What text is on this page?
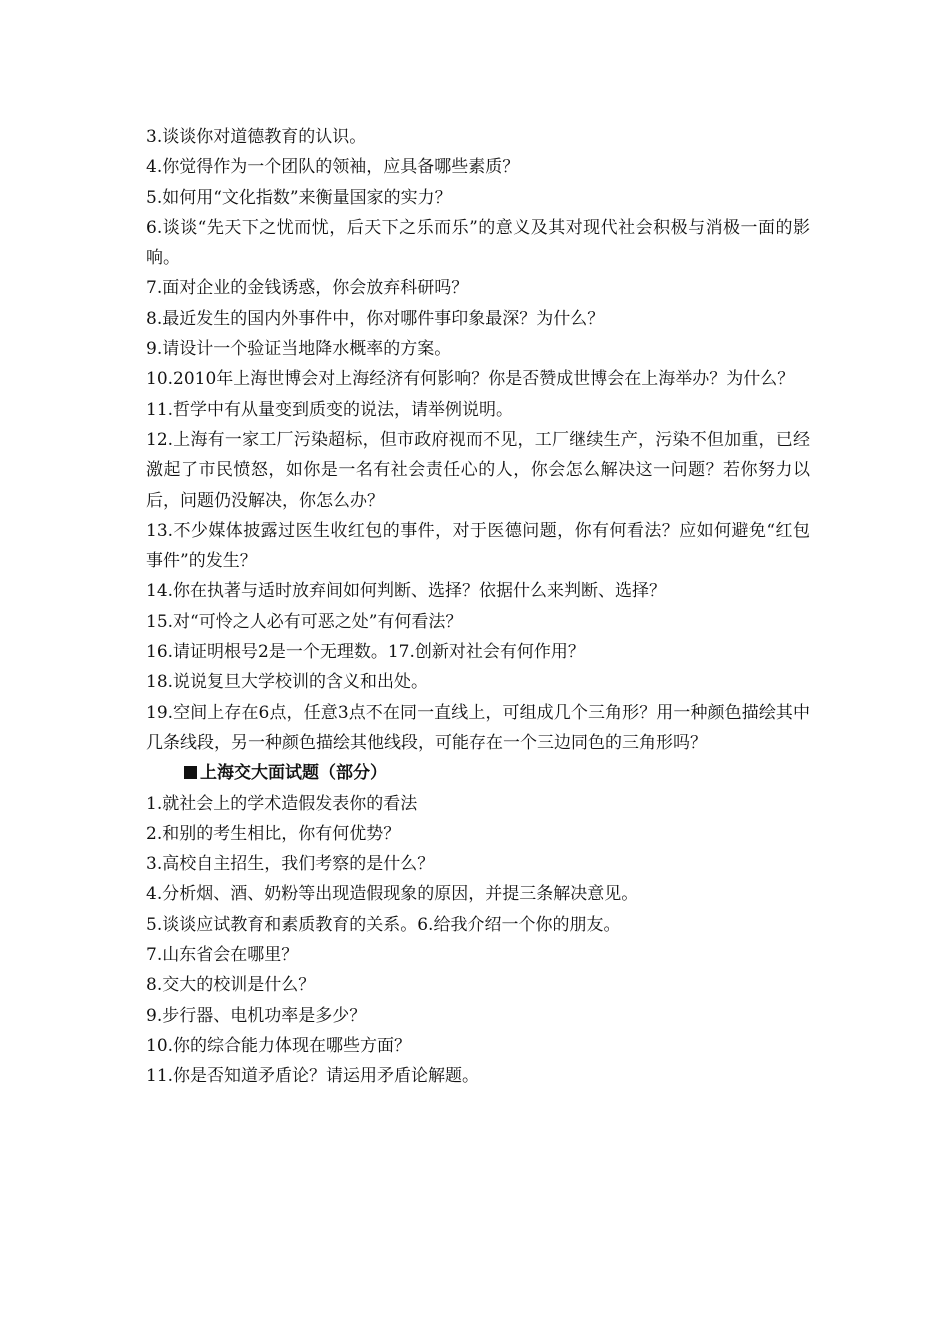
3.谈谈你对道德教育的认识。

4.你觉得作为一个团队的领袖，应具备哪些素质？

5.如何用“文化指数”来衡量国家的实力？

6.谈谈“先天下之忧而忧，后天下之乐而乐”的意义及其对现代社会积极与消极一面的影响。

7.面对企业的金钱诱惑，你会放弃科研吗？

8.最近发生的国内外事件中，你对哪件事印象最深？为什么？

9.请设计一个验证当地降水概率的方案。

10.2010年上海世博会对上海经济有何影响？你是否赞成世博会在上海举办？为什么？

11.哲学中有从量变到质变的说法，请举例说明。

12.上海有一家工厂污染超标，但市政府视而不见，工厂继续生产，污染不但加重，已经激起了市民愤怒，如你是一名有社会责任心的人，你会怎么解决这一问题？若你努力以后，问题仍没解决，你怎么办？

13.不少媒体披露过医生收红包的事件，对于医德问题，你有何看法？应如何避免“红包事件”的发生？

14.你在执著与适时放弃间如何判断、选择？依据什么来判断、选择？

15.对“可怜之人必有可恶之处”有何看法？

16.请证明根号2是一个无理数。17.创新对社会有何作用？

18.说说复旦大学校训的含义和出处。

19.空间上存在6点，任意3点不在同一直线上，可组成几个三角形？用一种颜色描绘其中几条线段，另一种颜色描绘其他线段，可能存在一个三边同色的三角形吗？

上海交大面试题（部分）

1.就社会上的学术造假发表你的看法

2.和别的考生相比，你有何优势？

3.高校自主招生，我们考察的是什么？

4.分析烟、酒、奶粉等出现造假现象的原因，并提三条解决意见。

5.谈谈应试教育和素质教育的关系。6.给我介绍一个你的朋友。

7.山东省会在哪里？

8.交大的校训是什么？

9.步行器、电机功率是多少？

10.你的综合能力体现在哪些方面？

11.你是否知道矛盾论？请运用矛盾论解题。
